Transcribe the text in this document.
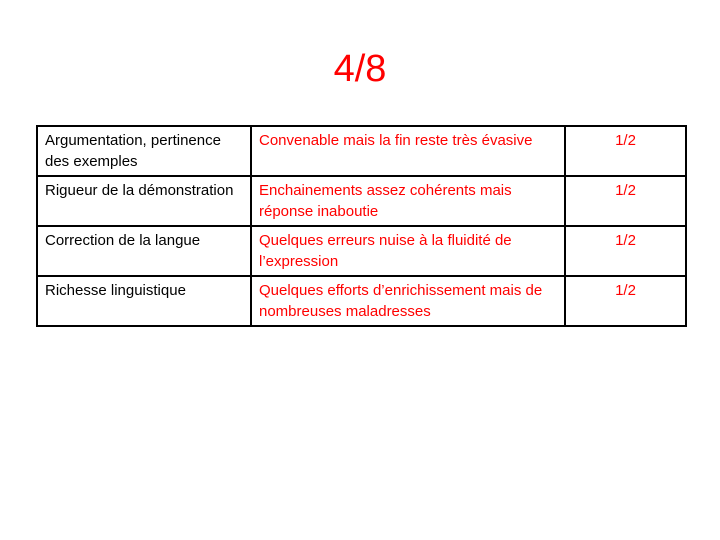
4/8
Argumentation, pertinence des exemples	Convenable mais la fin reste très évasive	1/2
Rigueur de la démonstration	Enchainements assez cohérents mais réponse inaboutie	1/2
Correction de la langue	Quelques erreurs nuise à la fluidité de l’expression	1/2
Richesse linguistique	Quelques efforts d’enrichissement mais de nombreuses maladresses	1/2
